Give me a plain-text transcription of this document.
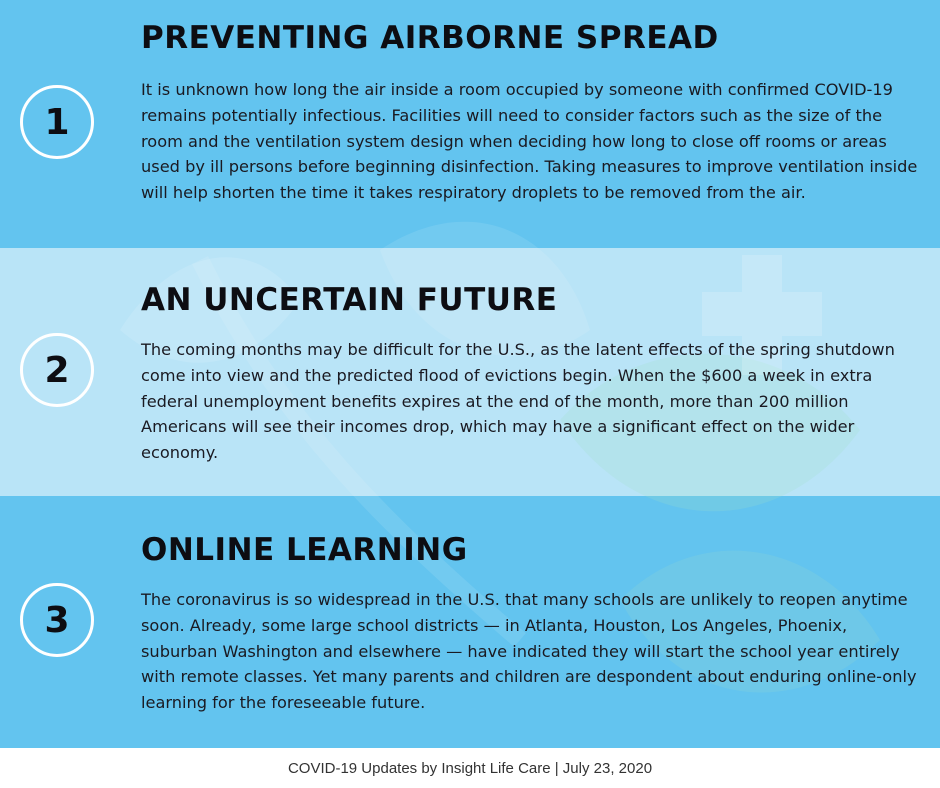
1
PREVENTING AIRBORNE SPREAD

It is unknown how long the air inside a room occupied by someone with confirmed COVID-19 remains potentially infectious. Facilities will need to consider factors such as the size of the room and the ventilation system design when deciding how long to close off rooms or areas used by ill persons before beginning disinfection. Taking measures to improve ventilation inside will help shorten the time it takes respiratory droplets to be removed from the air.

2
AN UNCERTAIN FUTURE

The coming months may be difficult for the U.S., as the latent effects of the spring shutdown come into view and the predicted flood of evictions begin. When the $600 a week in extra federal unemployment benefits expires at the end of the month, more than 200 million Americans will see their incomes drop, which may have a significant effect on the wider economy.

3
ONLINE LEARNING

The coronavirus is so widespread in the U.S. that many schools are unlikely to reopen anytime soon. Already, some large school districts — in Atlanta, Houston, Los Angeles, Phoenix, suburban Washington and elsewhere — have indicated they will start the school year entirely with remote classes. Yet many parents and children are despondent about enduring online-only learning for the foreseeable future.

COVID-19 Updates by Insight Life Care | July 23, 2020
